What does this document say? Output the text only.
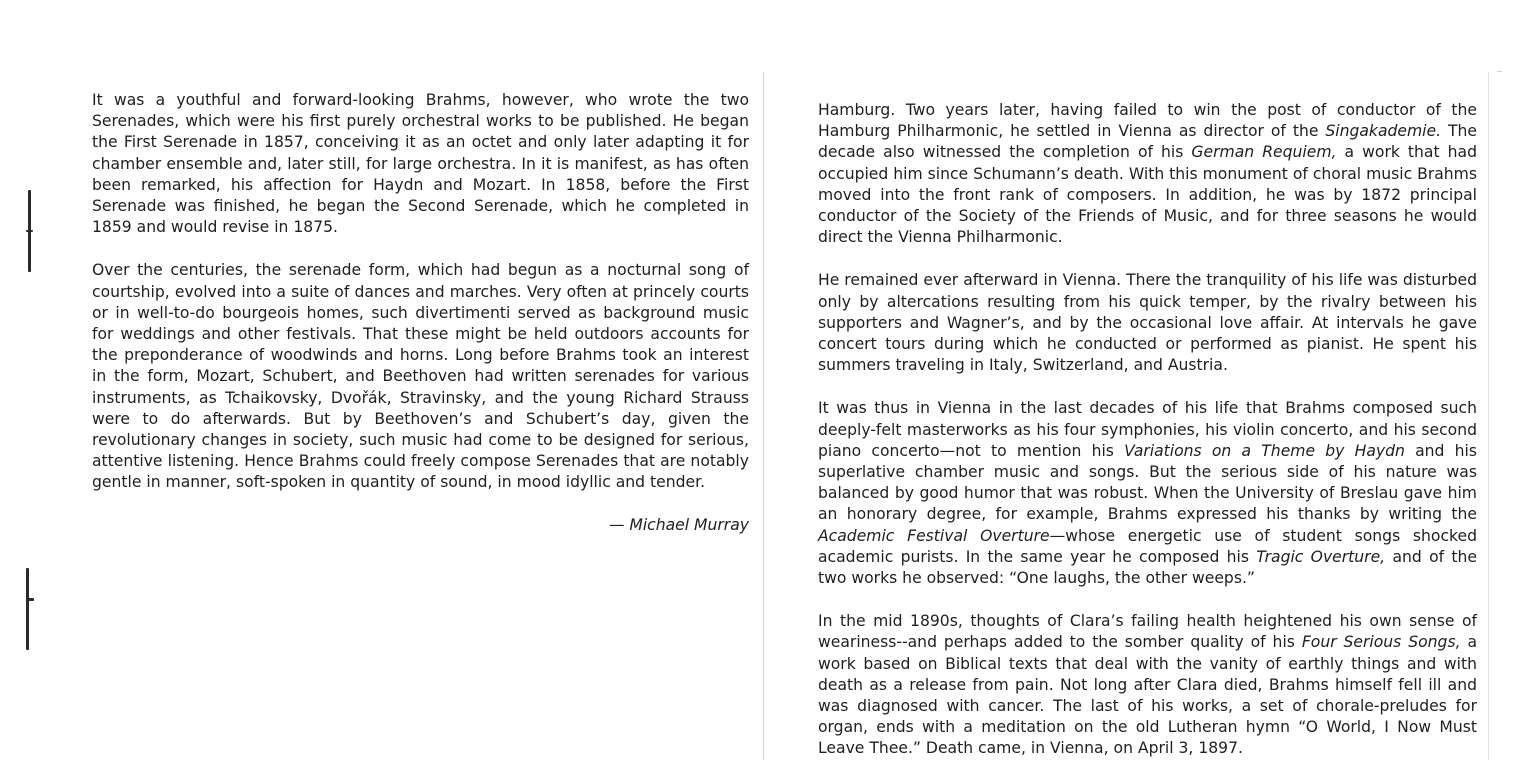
It was a youthful and forward-looking Brahms, however, who wrote the two Serenades, which were his first purely orchestral works to be published. He began the First Serenade in 1857, conceiving it as an octet and only later adapting it for chamber ensemble and, later still, for large orchestra. In it is manifest, as has often been remarked, his affection for Haydn and Mozart. In 1858, before the First Serenade was finished, he began the Second Serenade, which he completed in 1859 and would revise in 1875.

Over the centuries, the serenade form, which had begun as a nocturnal song of courtship, evolved into a suite of dances and marches. Very often at princely courts or in well-to-do bourgeois homes, such divertimenti served as background music for weddings and other festivals. That these might be held outdoors accounts for the preponderance of woodwinds and horns. Long before Brahms took an interest in the form, Mozart, Schubert, and Beethoven had written serenades for various instruments, as Tchaikovsky, Dvořák, Stravinsky, and the young Richard Strauss were to do afterwards. But by Beethoven’s and Schubert’s day, given the revolutionary changes in society, such music had come to be designed for serious, attentive listening. Hence Brahms could freely compose Serenades that are notably gentle in manner, soft-spoken in quantity of sound, in mood idyllic and tender.

— Michael Murray

Hamburg. Two years later, having failed to win the post of conductor of the Hamburg Philharmonic, he settled in Vienna as director of the Singakademie. The decade also witnessed the completion of his German Requiem, a work that had occupied him since Schumann’s death. With this monument of choral music Brahms moved into the front rank of composers. In addition, he was by 1872 principal conductor of the Society of the Friends of Music, and for three seasons he would direct the Vienna Philharmonic.

He remained ever afterward in Vienna. There the tranquility of his life was disturbed only by altercations resulting from his quick temper, by the rivalry between his supporters and Wagner’s, and by the occasional love affair. At intervals he gave concert tours during which he conducted or performed as pianist. He spent his summers traveling in Italy, Switzerland, and Austria.

It was thus in Vienna in the last decades of his life that Brahms composed such deeply-felt masterworks as his four symphonies, his violin concerto, and his second piano concerto—not to mention his Variations on a Theme by Haydn and his superlative chamber music and songs. But the serious side of his nature was balanced by good humor that was robust. When the University of Breslau gave him an honorary degree, for example, Brahms expressed his thanks by writing the Academic Festival Overture—whose energetic use of student songs shocked academic purists. In the same year he composed his Tragic Overture, and of the two works he observed: “One laughs, the other weeps.”

In the mid 1890s, thoughts of Clara’s failing health heightened his own sense of weariness--and perhaps added to the somber quality of his Four Serious Songs, a work based on Biblical texts that deal with the vanity of earthly things and with death as a release from pain. Not long after Clara died, Brahms himself fell ill and was diagnosed with cancer. The last of his works, a set of chorale-preludes for organ, ends with a meditation on the old Lutheran hymn “O World, I Now Must Leave Thee.” Death came, in Vienna, on April 3, 1897.
